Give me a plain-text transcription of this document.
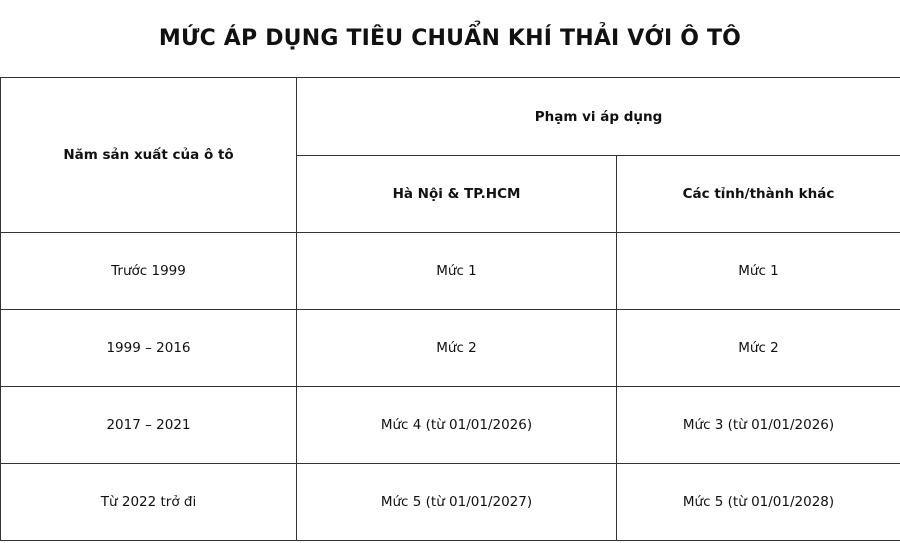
MỨC ÁP DỤNG TIÊU CHUẨN KHÍ THẢI VỚI Ô TÔ
Năm sản xuất của ô tô	Phạm vi áp dụng	
	Hà Nội & TP.HCM	Các tỉnh/thành khác
Trước 1999	Mức 1	Mức 1
1999 – 2016	Mức 2	Mức 2
2017 – 2021	Mức 4 (từ 01/01/2026)	Mức 3 (từ 01/01/2026)
Từ 2022 trở đi	Mức 5 (từ 01/01/2027)	Mức 5 (từ 01/01/2028)
